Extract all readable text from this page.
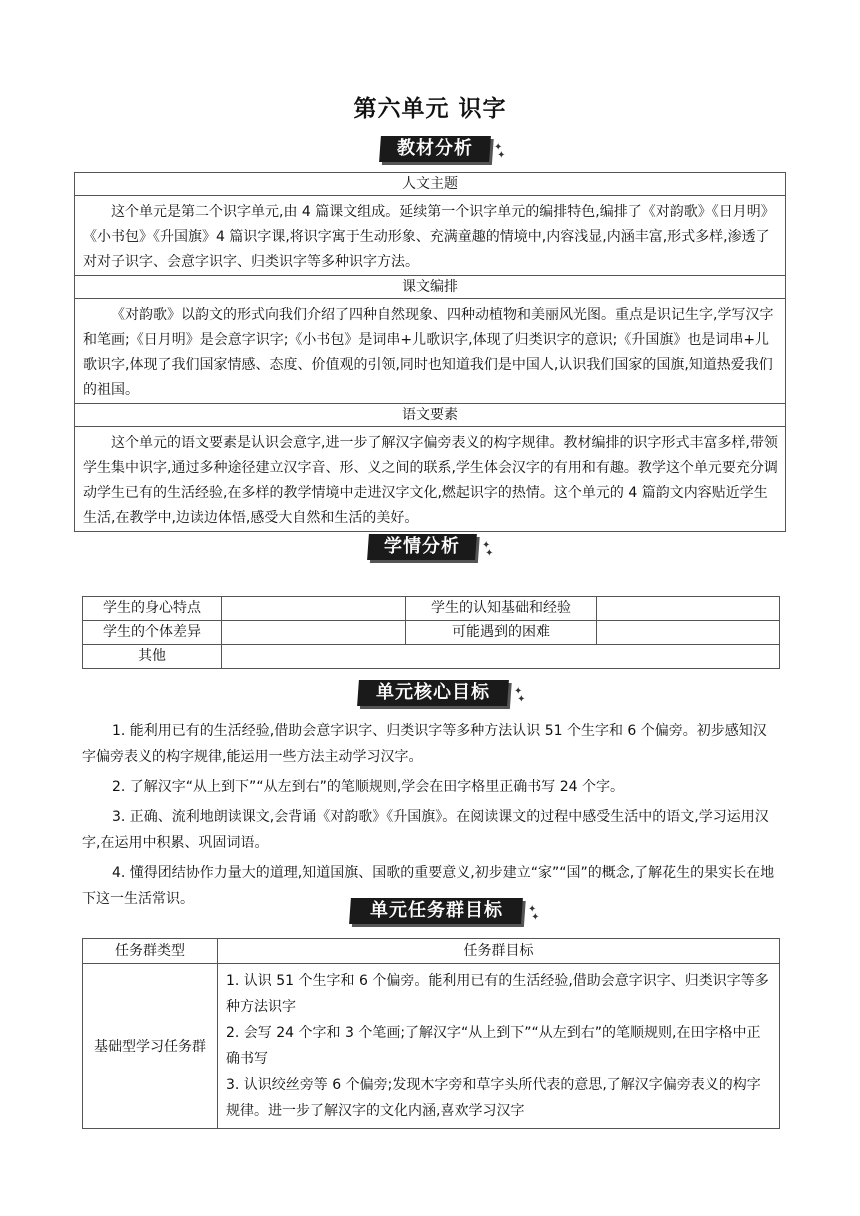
第六单元 识字
教材分析	✦
✦
人文主题
这个单元是第二个识字单元,由 4 篇课文组成。延续第一个识字单元的编排特色,编排了《对韵歌》《日月明》《小书包》《升国旗》4 篇识字课,将识字寓于生动形象、充满童趣的情境中,内容浅显,内涵丰富,形式多样,渗透了对对子识字、会意字识字、归类识字等多种识字方法。
课文编排
《对韵歌》以韵文的形式向我们介绍了四种自然现象、四种动植物和美丽风光图。重点是识记生字,学写汉字和笔画;《日月明》是会意字识字;《小书包》是词串+儿歌识字,体现了归类识字的意识;《升国旗》也是词串+儿歌识字,体现了我们国家情感、态度、价值观的引领,同时也知道我们是中国人,认识我们国家的国旗,知道热爱我们的祖国。
语文要素
这个单元的语文要素是认识会意字,进一步了解汉字偏旁表义的构字规律。教材编排的识字形式丰富多样,带领学生集中识字,通过多种途径建立汉字音、形、义之间的联系,学生体会汉字的有用和有趣。教学这个单元要充分调动学生已有的生活经验,在多样的教学情境中走进汉字文化,燃起识字的热情。这个单元的 4 篇韵文内容贴近学生生活,在教学中,边读边体悟,感受大自然和生活的美好。
学情分析	✦
✦
学生的身心特点		学生的认知基础和经验	
学生的个体差异		可能遇到的困难	
其他			
单元核心目标	✦
✦

1. 能利用已有的生活经验,借助会意字识字、归类识字等多种方法认识 51 个生字和 6 个偏旁。初步感知汉字偏旁表义的构字规律,能运用一些方法主动学习汉字。

2. 了解汉字“从上到下”“从左到右”的笔顺规则,学会在田字格里正确书写 24 个字。

3. 正确、流利地朗读课文,会背诵《对韵歌》《升国旗》。在阅读课文的过程中感受生活中的语文,学习运用汉字,在运用中积累、巩固词语。

4. 懂得团结协作力量大的道理,知道国旗、国歌的重要意义,初步建立“家”“国”的概念,了解花生的果实长在地下这一生活常识。

单元任务群目标	✦
✦
任务群类型	任务群目标
基础型学习任务群	1. 认识 51 个生字和 6 个偏旁。能利用已有的生活经验,借助会意字识字、归类识字等多种方法识字
2. 会写 24 个字和 3 个笔画;了解汉字“从上到下”“从左到右”的笔顺规则,在田字格中正确书写
3. 认识绞丝旁等 6 个偏旁;发现木字旁和草字头所代表的意思,了解汉字偏旁表义的构字规律。进一步了解汉字的文化内涵,喜欢学习汉字
